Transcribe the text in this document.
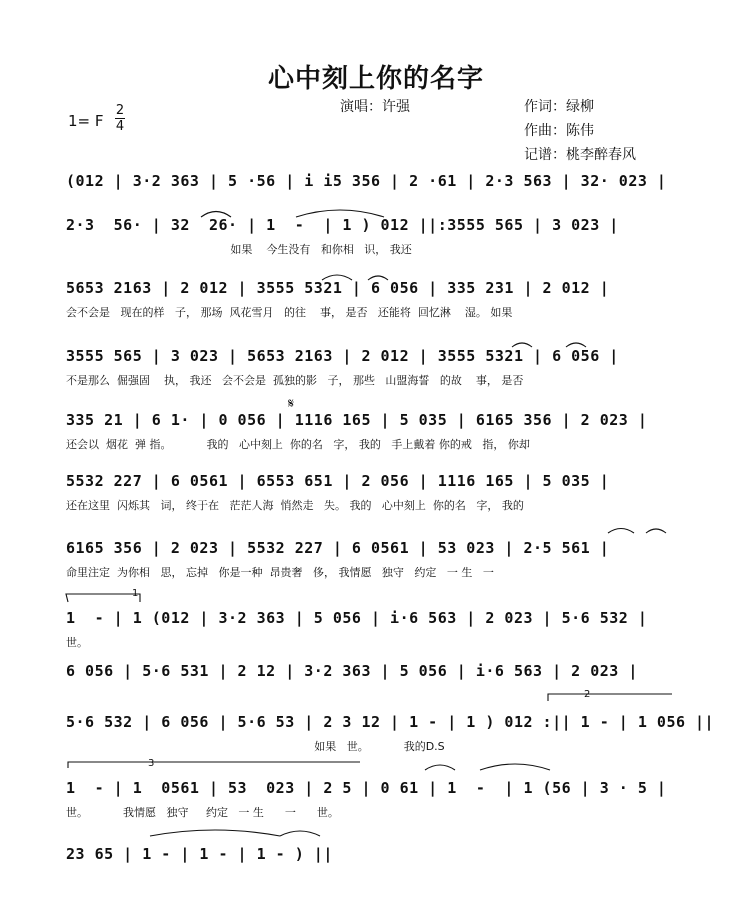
心中刻上你的名字
演唱：许强	作词：绿柳
作曲：陈伟
记谱：桃李醉春风
1= F
2
4
(012 | 3·2 363 | 5 ·56 | i i5 356 | 2 ·61 | 2·3 563 | 32· 023 |
2·3  56· | 32  26· | 1  -  | 1 ) 012 ||:3555 565 | 3 023 |
如果    今生没有   和你相   识， 我还
5653 2163 | 2 012 | 3555 5321 | 6 056 | 335 231 | 2 012 |
会不会是   现在的样   子， 那场  风花雪月   的往    事， 是否   还能将  回忆淋    湿。 如果
3555 565 | 3 023 | 5653 2163 | 2 012 | 3555 5321 | 6 056 |
不是那么  倔强固    执， 我还   会不会是  孤独的影   子， 那些   山盟海誓   的故    事， 是否
335 21 | 6 1· | 0 056 | 1116 165 | 5 035 | 6165 356 | 2 023 |
还会以  烟花  弹 指。          我的   心中刻上  你的名   字， 我的   手上戴着 你的戒   指， 你却
5532 227 | 6 0561 | 6553 651 | 2 056 | 1116 165 | 5 035 |
还在这里  闪烁其   词， 终于在   茫茫人海  悄然走   失。 我的   心中刻上  你的名   字， 我的
6165 356 | 2 023 | 5532 227 | 6 0561 | 53 023 | 2·5 561 |
命里注定  为你相   思， 忘掉   你是一种  昂贵奢   侈， 我情愿   独守   约定   一 生   一
1  - | 1 (012 | 3·2 363 | 5 056 | i·6 563 | 2 023 | 5·6 532 |
世。
6 056 | 5·6 531 | 2 12 | 3·2 363 | 5 056 | i·6 563 | 2 023 |
5·6 532 | 6 056 | 5·6 53 | 2 3 12 | 1 - | 1 ) 012 :|| 1 - | 1 056 ||
如果   世。          我的D.S
1  - | 1  0561 | 53  023 | 2 5 | 0 61 | 1  -  | 1 (56 | 3 · 5 |
世。          我情愿   独守     约定   一 生      一      世。
23 65 | 1 - | 1 - | 1 - ) ||
1
2
3
𝄋
